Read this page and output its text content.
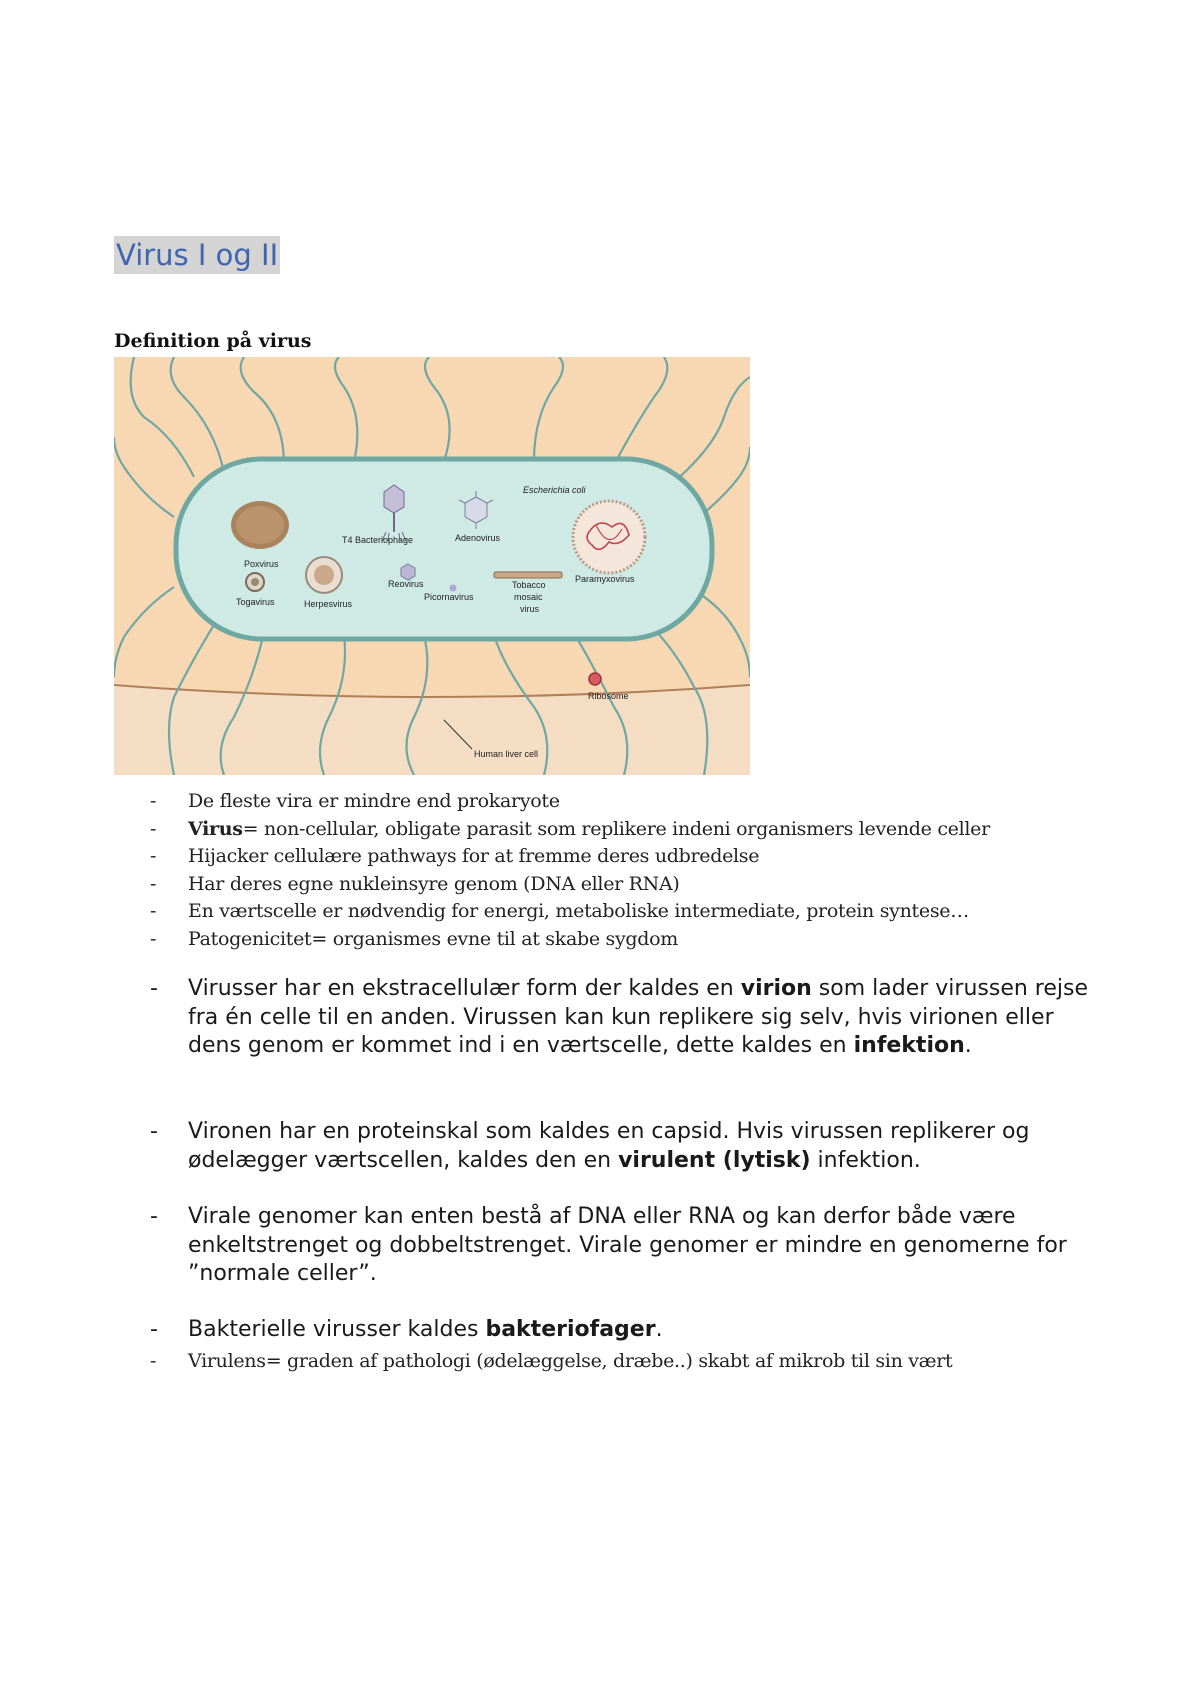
Virus I og II
Definition på virus
Escherichia coli
Poxvirus
T4 Bacteriophage	Adenovirus
Paramyxovirus
Togavirus	Herpesvirus
Reovirus
Picornavirus
Tobacco
mosaic
virus
Ribosome
Human liver cell
- De fleste vira er mindre end prokaryote
- Virus= non-cellular, obligate parasit som replikere indeni organismers levende celler
- Hijacker cellulære pathways for at fremme deres udbredelse
- Har deres egne nukleinsyre genom (DNA eller RNA)
- En værtscelle er nødvendig for energi, metaboliske intermediate, protein syntese…
- Patogenicitet= organismes evne til at skabe sygdom
- Virusser har en ekstracellulær form der kaldes en virion som lader virussen rejse fra én celle til en anden. Virussen kan kun replikere sig selv, hvis virionen eller dens genom er kommet ind i en værtscelle, dette kaldes en infektion.
- Vironen har en proteinskal som kaldes en capsid. Hvis virussen replikerer og ødelægger værtscellen, kaldes den en virulent (lytisk) infektion.
- Virale genomer kan enten bestå af DNA eller RNA og kan derfor både være enkeltstrenget og dobbeltstrenget. Virale genomer er mindre en genomerne for ”normale celler”.
- Bakterielle virusser kaldes bakteriofager.
- Virulens= graden af pathologi (ødelæggelse, dræbe..) skabt af mikrob til sin vært
